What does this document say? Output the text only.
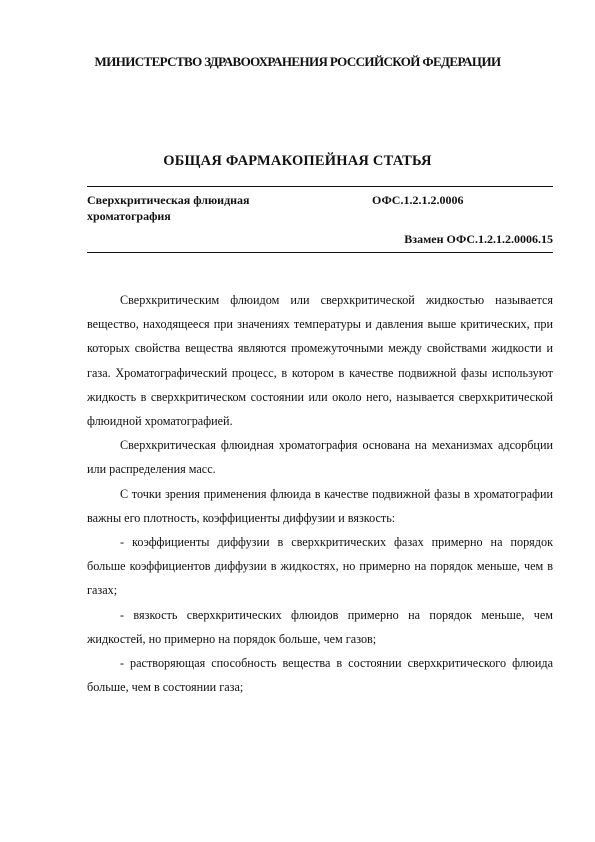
МИНИСТЕРСТВО ЗДРАВООХРАНЕНИЯ РОССИЙСКОЙ ФЕДЕРАЦИИ
ОБЩАЯ ФАРМАКОПЕЙНАЯ СТАТЬЯ
Сверхкритическая флюидная хроматография
ОФС.1.2.1.2.0006
Взамен ОФС.1.2.1.2.0006.15

Сверхкритическим флюидом или сверхкритической жидкостью называется вещество, находящееся при значениях температуры и давления выше критических, при которых свойства вещества являются промежуточными между свойствами жидкости и газа. Хроматографический процесс, в котором в качестве подвижной фазы используют жидкость в сверхкритическом состоянии или около него, называется сверхкритической флюидной хроматографией.

Сверхкритическая флюидная хроматография основана на механизмах адсорбции или распределения масс.

С точки зрения применения флюида в качестве подвижной фазы в хроматографии важны его плотность, коэффициенты диффузии и вязкость:

- коэффициенты диффузии в сверхкритических фазах примерно на порядок больше коэффициентов диффузии в жидкостях, но примерно на порядок меньше, чем в газах;

- вязкость сверхкритических флюидов примерно на порядок меньше, чем жидкостей, но примерно на порядок больше, чем газов;

- растворяющая способность вещества в состоянии сверхкритического флюида больше, чем в состоянии газа;
